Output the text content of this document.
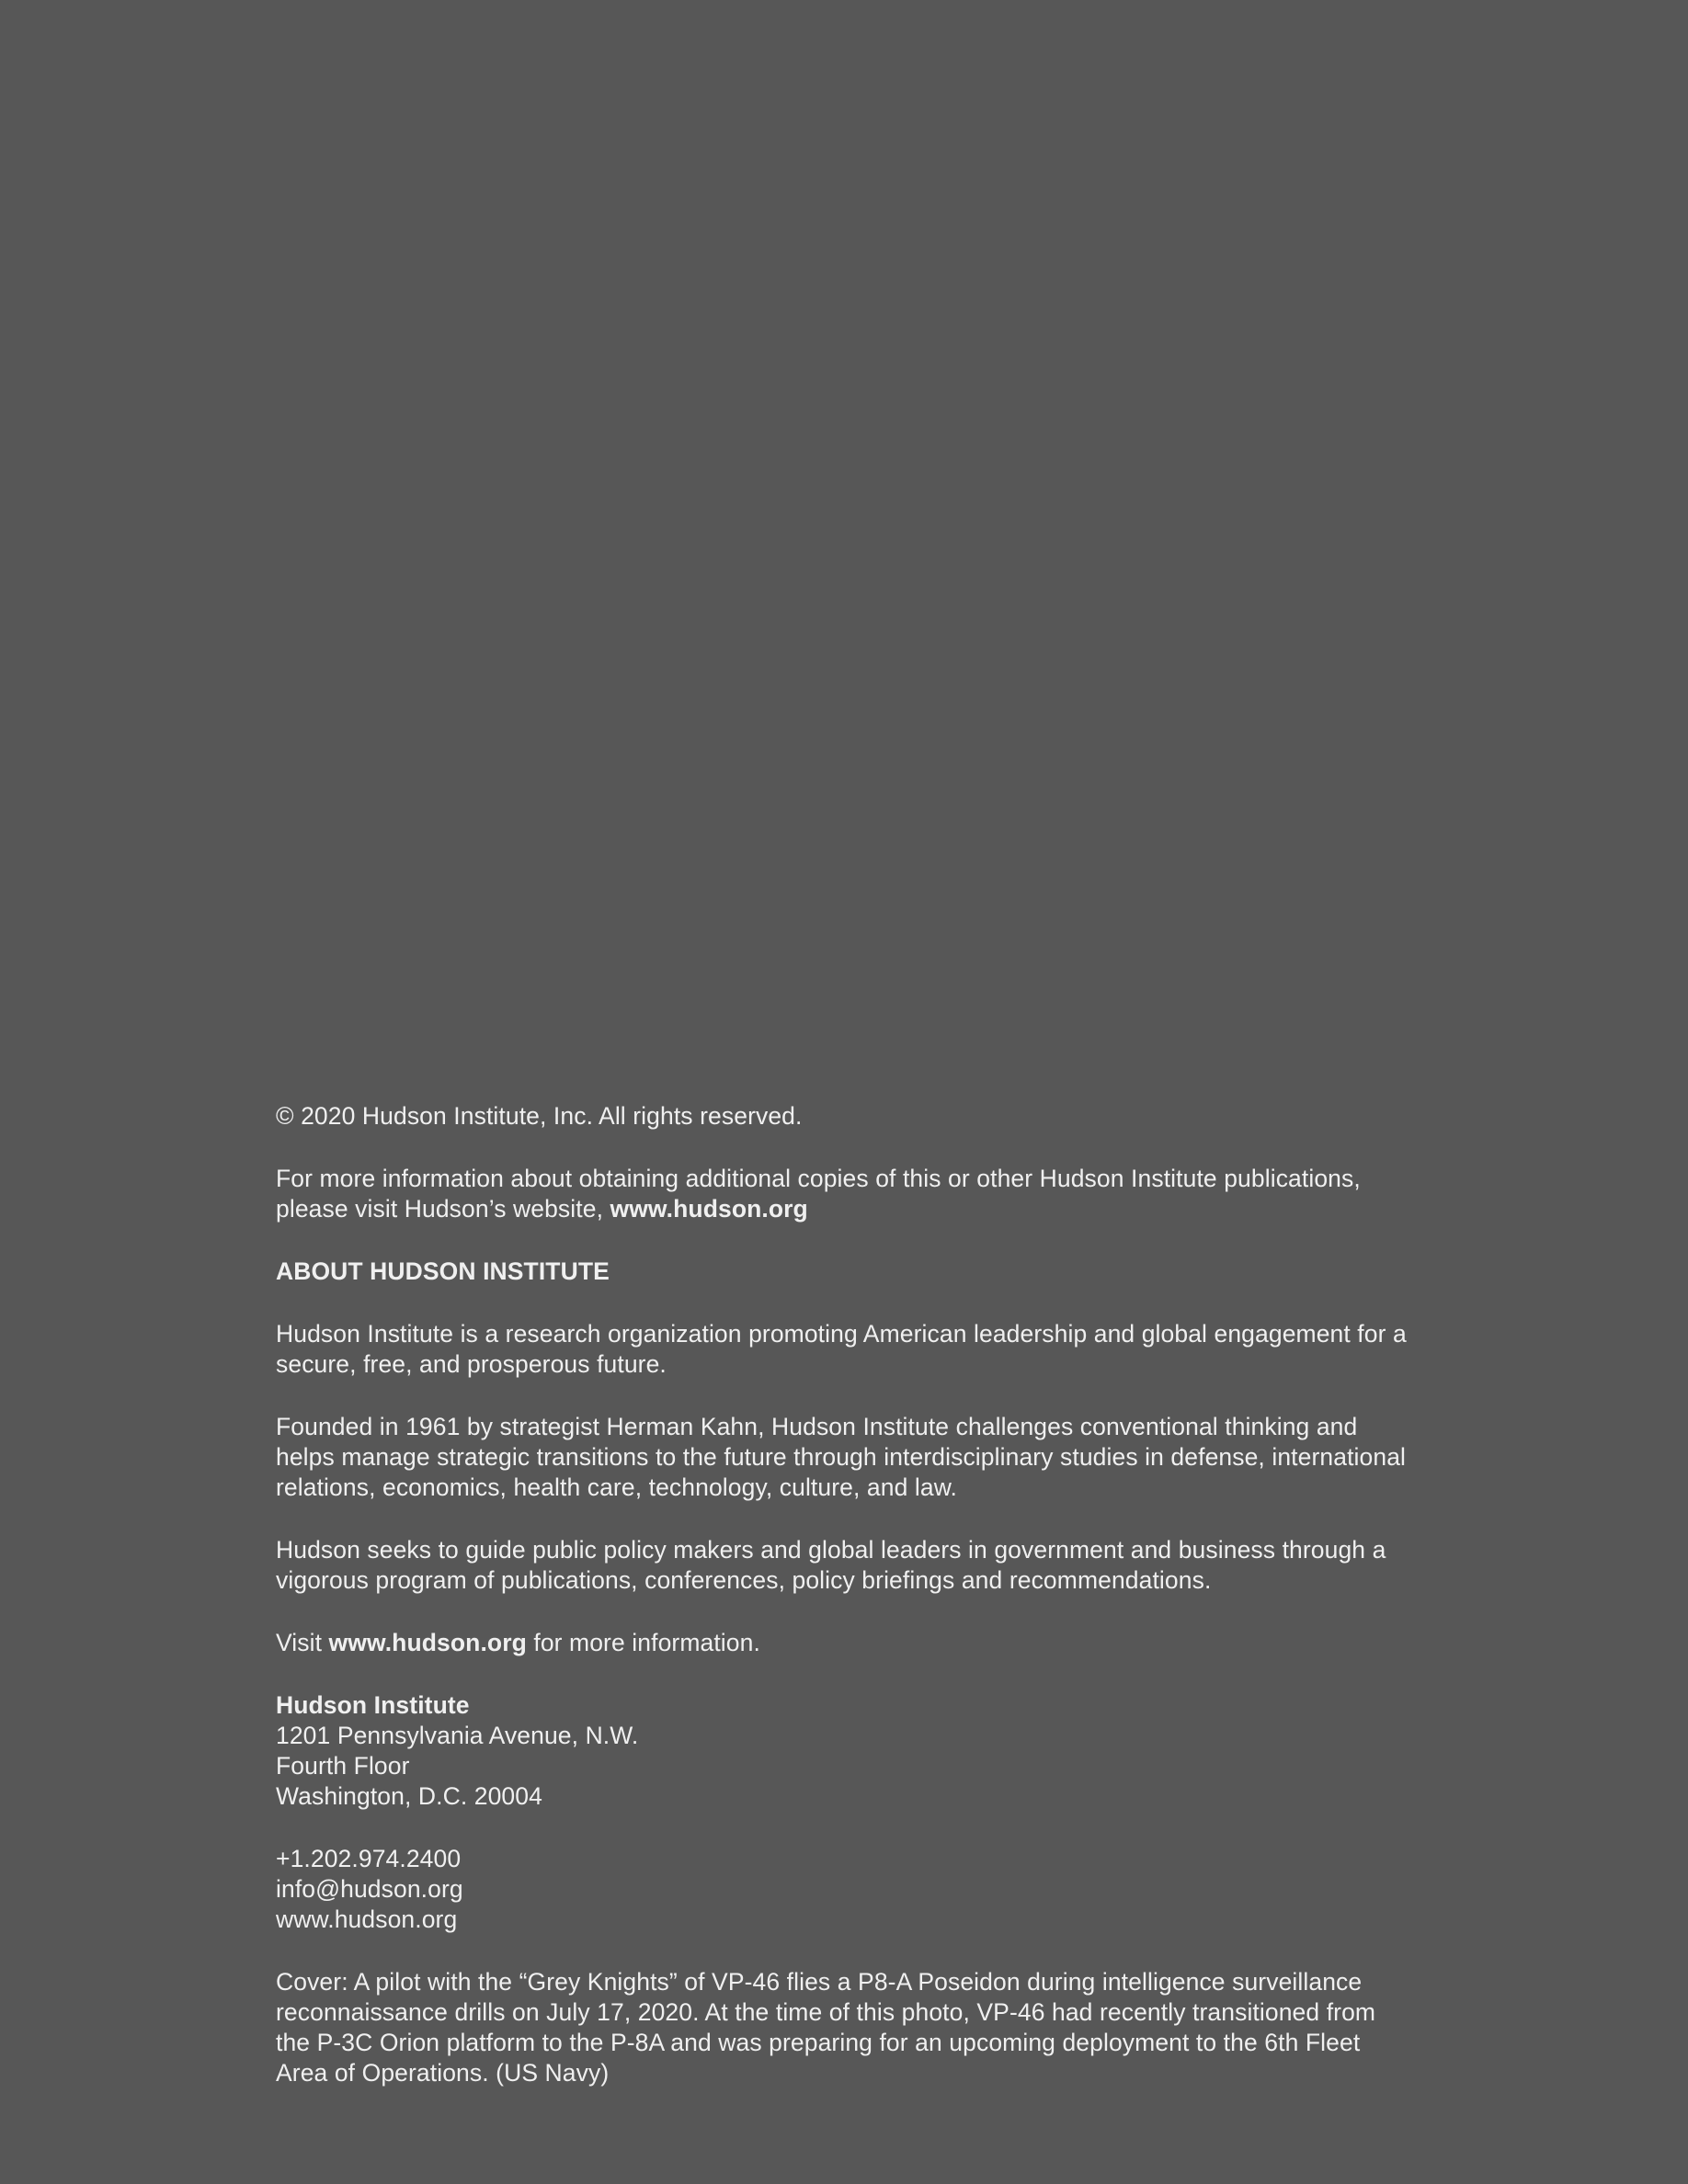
© 2020 Hudson Institute, Inc. All rights reserved.

For more information about obtaining additional copies of this or other Hudson Institute publications, please visit Hudson’s website, www.hudson.org

ABOUT HUDSON INSTITUTE

Hudson Institute is a research organization promoting American leadership and global engagement for a secure, free, and prosperous future.

Founded in 1961 by strategist Herman Kahn, Hudson Institute challenges conventional thinking and helps manage strategic transitions to the future through interdisciplinary studies in defense, international relations, economics, health care, technology, culture, and law.

Hudson seeks to guide public policy makers and global leaders in government and business through a vigorous program of publications, conferences, policy briefings and recommendations.

Visit www.hudson.org for more information.

Hudson Institute
1201 Pennsylvania Avenue, N.W.
Fourth Floor
Washington, D.C. 20004
+1.202.974.2400
info@hudson.org
www.hudson.org

Cover: A pilot with the “Grey Knights” of VP-46 flies a P8-A Poseidon during intelligence surveillance reconnaissance drills on July 17, 2020. At the time of this photo, VP-46 had recently transitioned from the P-3C Orion platform to the P-8A and was preparing for an upcoming deployment to the 6th Fleet Area of Operations. (US Navy)
